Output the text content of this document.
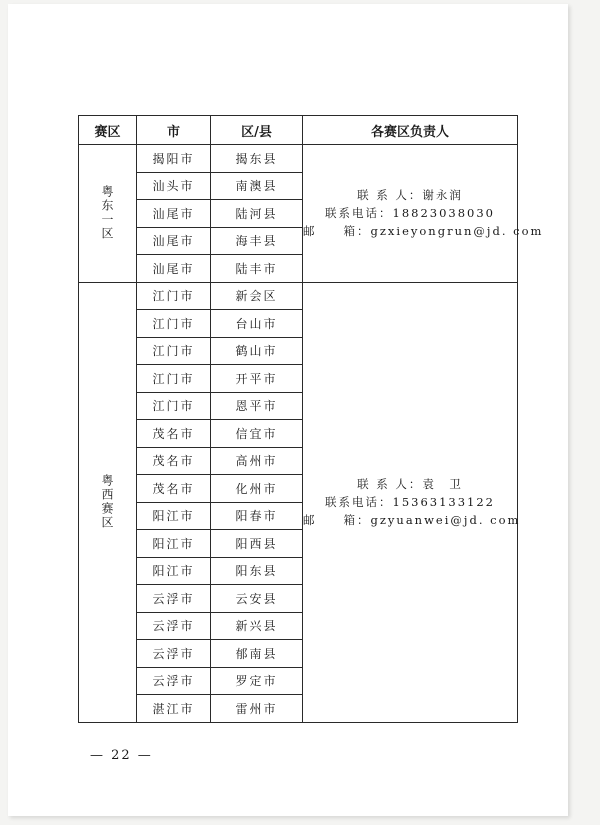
赛区	市	区/县	各赛区负责人
粤东一区	揭阳市	揭东县	联 系 人：谢永润
联系电话：18823038030
邮　　箱：gzxieyongrun@jd. com

	汕头市	南澳县	
	汕尾市	陆河县	
	汕尾市	海丰县	
	汕尾市	陆丰市	
粤西赛区	江门市	新会区	联 系 人：袁　卫
联系电话：15363133122
邮　　箱：gzyuanwei@jd. com

	江门市	台山市	
	江门市	鹤山市	
	江门市	开平市	
	江门市	恩平市	
	茂名市	信宜市	
	茂名市	高州市	
	茂名市	化州市	
	阳江市	阳春市	
	阳江市	阳西县	
	阳江市	阳东县	
	云浮市	云安县	
	云浮市	新兴县	
	云浮市	郁南县	
	云浮市	罗定市	
	湛江市	雷州市	
— 22 —
